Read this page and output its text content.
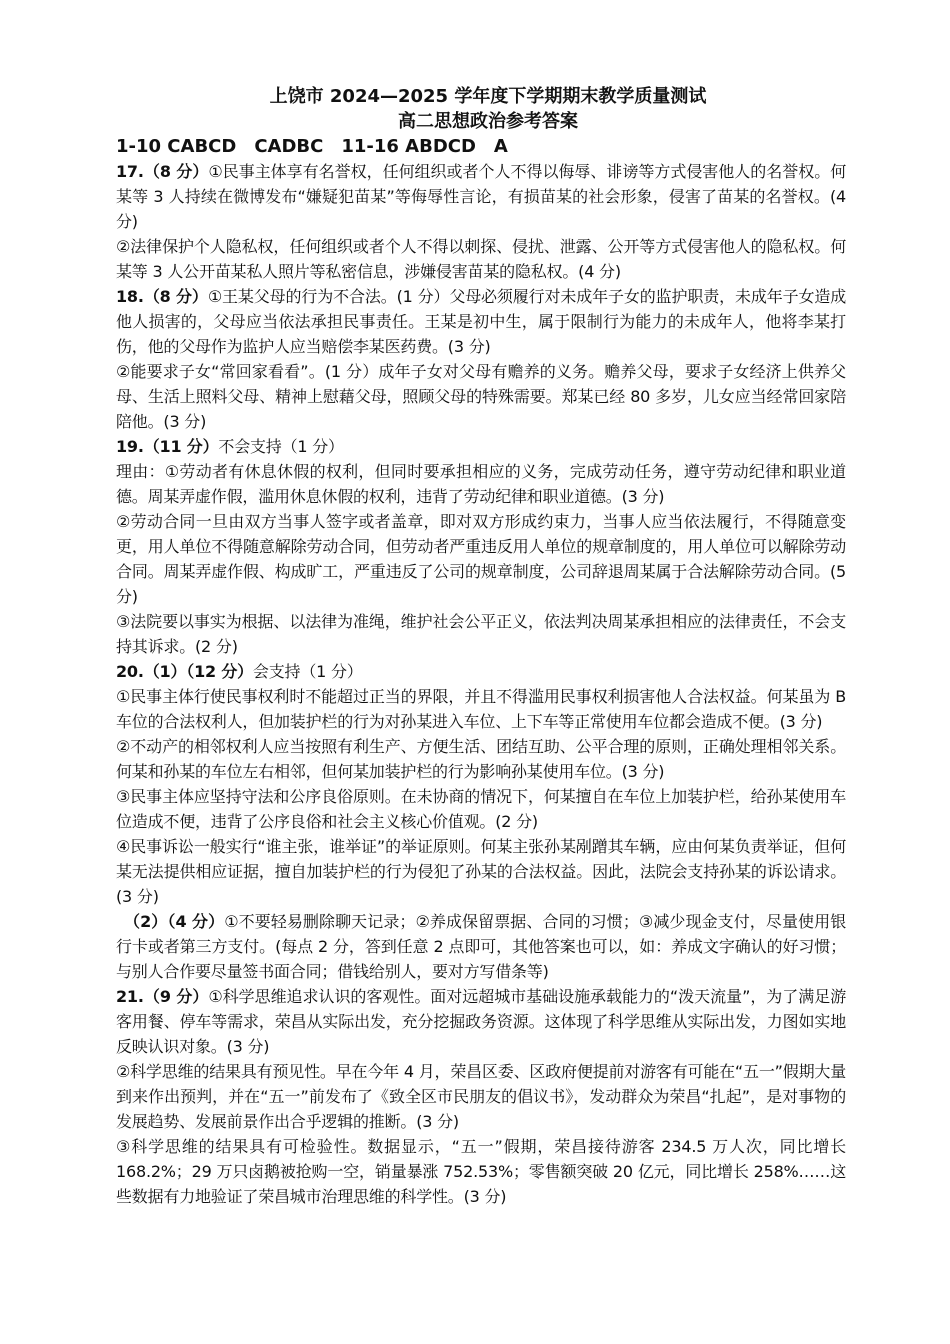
上饶市 2024—2025 学年度下学期期末教学质量测试

高二思想政治参考答案

1-10 CABCD　CADBC　11-16 ABDCD　A

17.（8 分）①民事主体享有名誉权，任何组织或者个人不得以侮辱、诽谤等方式侵害他人的名誉权。何某等 3 人持续在微博发布“嫌疑犯苗某”等侮辱性言论，有损苗某的社会形象，侵害了苗某的名誉权。(4 分)

②法律保护个人隐私权，任何组织或者个人不得以刺探、侵扰、泄露、公开等方式侵害他人的隐私权。何某等 3 人公开苗某私人照片等私密信息，涉嫌侵害苗某的隐私权。(4 分)

18.（8 分）①王某父母的行为不合法。(1 分）父母必须履行对未成年子女的监护职责，未成年子女造成他人损害的，父母应当依法承担民事责任。王某是初中生，属于限制行为能力的未成年人，他将李某打伤，他的父母作为监护人应当赔偿李某医药费。(3 分)

②能要求子女“常回家看看”。(1 分）成年子女对父母有赡养的义务。赡养父母，要求子女经济上供养父母、生活上照料父母、精神上慰藉父母，照顾父母的特殊需要。郑某已经 80 多岁，儿女应当经常回家陪陪他。(3 分)

19.（11 分）不会支持（1 分）

理由：①劳动者有休息休假的权利，但同时要承担相应的义务，完成劳动任务，遵守劳动纪律和职业道德。周某弄虚作假，滥用休息休假的权利，违背了劳动纪律和职业道德。(3 分)

②劳动合同一旦由双方当事人签字或者盖章，即对双方形成约束力，当事人应当依法履行，不得随意变更，用人单位不得随意解除劳动合同，但劳动者严重违反用人单位的规章制度的，用人单位可以解除劳动合同。周某弄虚作假、构成旷工，严重违反了公司的规章制度，公司辞退周某属于合法解除劳动合同。(5 分)

③法院要以事实为根据、以法律为准绳，维护社会公平正义，依法判决周某承担相应的法律责任，不会支持其诉求。(2 分)

20.（1）（12 分）会支持（1 分）

①民事主体行使民事权利时不能超过正当的界限，并且不得滥用民事权利损害他人合法权益。何某虽为 B 车位的合法权利人，但加装护栏的行为对孙某进入车位、上下车等正常使用车位都会造成不便。(3 分)

②不动产的相邻权利人应当按照有利生产、方便生活、团结互助、公平合理的原则，正确处理相邻关系。何某和孙某的车位左右相邻，但何某加装护栏的行为影响孙某使用车位。(3 分)

③民事主体应坚持守法和公序良俗原则。在未协商的情况下，何某擅自在车位上加装护栏，给孙某使用车位造成不便，违背了公序良俗和社会主义核心价值观。(2 分)

④民事诉讼一般实行“谁主张，谁举证”的举证原则。何某主张孙某剐蹭其车辆，应由何某负责举证，但何某无法提供相应证据，擅自加装护栏的行为侵犯了孙某的合法权益。因此，法院会支持孙某的诉讼请求。(3 分)

（2）（4 分）①不要轻易删除聊天记录；②养成保留票据、合同的习惯；③减少现金支付，尽量使用银行卡或者第三方支付。(每点 2 分，答到任意 2 点即可，其他答案也可以，如：养成文字确认的好习惯；与别人合作要尽量签书面合同；借钱给别人，要对方写借条等)

21.（9 分）①科学思维追求认识的客观性。面对远超城市基础设施承载能力的“泼天流量”，为了满足游客用餐、停车等需求，荣昌从实际出发，充分挖掘政务资源。这体现了科学思维从实际出发，力图如实地反映认识对象。(3 分)

②科学思维的结果具有预见性。早在今年 4 月，荣昌区委、区政府便提前对游客有可能在“五一”假期大量到来作出预判，并在“五一”前发布了《致全区市民朋友的倡议书》，发动群众为荣昌“扎起”，是对事物的发展趋势、发展前景作出合乎逻辑的推断。(3 分)

③科学思维的结果具有可检验性。数据显示，“五一”假期，荣昌接待游客 234.5 万人次，同比增长 168.2%；29 万只卤鹅被抢购一空，销量暴涨 752.53%；零售额突破 20 亿元，同比增长 258%……这些数据有力地验证了荣昌城市治理思维的科学性。(3 分)
